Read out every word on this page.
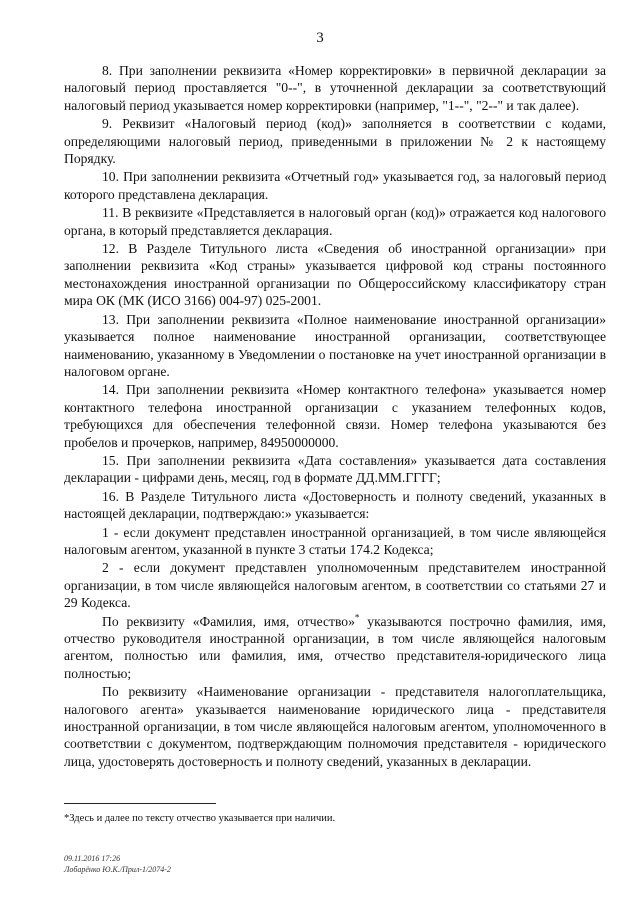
3

8. При заполнении реквизита «Номер корректировки» в первичной декларации за налоговый период проставляется "0--", в уточненной декларации за соответствующий налоговый период указывается номер корректировки (например, "1--", "2--" и так далее).

9. Реквизит «Налоговый период (код)» заполняется в соответствии с кодами, определяющими налоговый период, приведенными в приложении № 2 к настоящему Порядку.

10. При заполнении реквизита «Отчетный год» указывается год, за налоговый период которого представлена декларация.

11. В реквизите «Представляется в налоговый орган (код)» отражается код налогового органа, в который представляется декларация.

12. В Разделе Титульного листа «Сведения об иностранной организации» при заполнении реквизита «Код страны» указывается цифровой код страны постоянного местонахождения иностранной организации по Общероссийскому классификатору стран мира ОК (МК (ИСО 3166) 004-97) 025-2001.

13. При заполнении реквизита «Полное наименование иностранной организации» указывается полное наименование иностранной организации, соответствующее наименованию, указанному в Уведомлении о постановке на учет иностранной организации в налоговом органе.

14. При заполнении реквизита «Номер контактного телефона» указывается номер контактного телефона иностранной организации с указанием телефонных кодов, требующихся для обеспечения телефонной связи. Номер телефона указываются без пробелов и прочерков, например, 84950000000.

15. При заполнении реквизита «Дата составления» указывается дата составления декларации - цифрами день, месяц, год в формате ДД.ММ.ГГГГ;

16. В Разделе Титульного листа «Достоверность и полноту сведений, указанных в настоящей декларации, подтверждаю:» указывается:

1 - если документ представлен иностранной организацией, в том числе являющейся налоговым агентом, указанной в пункте 3 статьи 174.2 Кодекса;

2 - если документ представлен уполномоченным представителем иностранной организации, в том числе являющейся налоговым агентом, в соответствии со статьями 27 и 29 Кодекса.

По реквизиту «Фамилия, имя, отчество»* указываются построчно фамилия, имя, отчество руководителя иностранной организации, в том числе являющейся налоговым агентом, полностью или фамилия, имя, отчество представителя-юридического лица полностью;

По реквизиту «Наименование организации - представителя налогоплательщика, налогового агента» указывается наименование юридического лица - представителя иностранной организации, в том числе являющейся налоговым агентом, уполномоченного в соответствии с документом, подтверждающим полномочия представителя - юридического лица, удостоверять достоверность и полноту сведений, указанных в декларации.

*Здесь и далее по тексту отчество указывается при наличии.
09.11.2016 17:26
Лобарёнко Ю.К./Прил-1/2074-2
